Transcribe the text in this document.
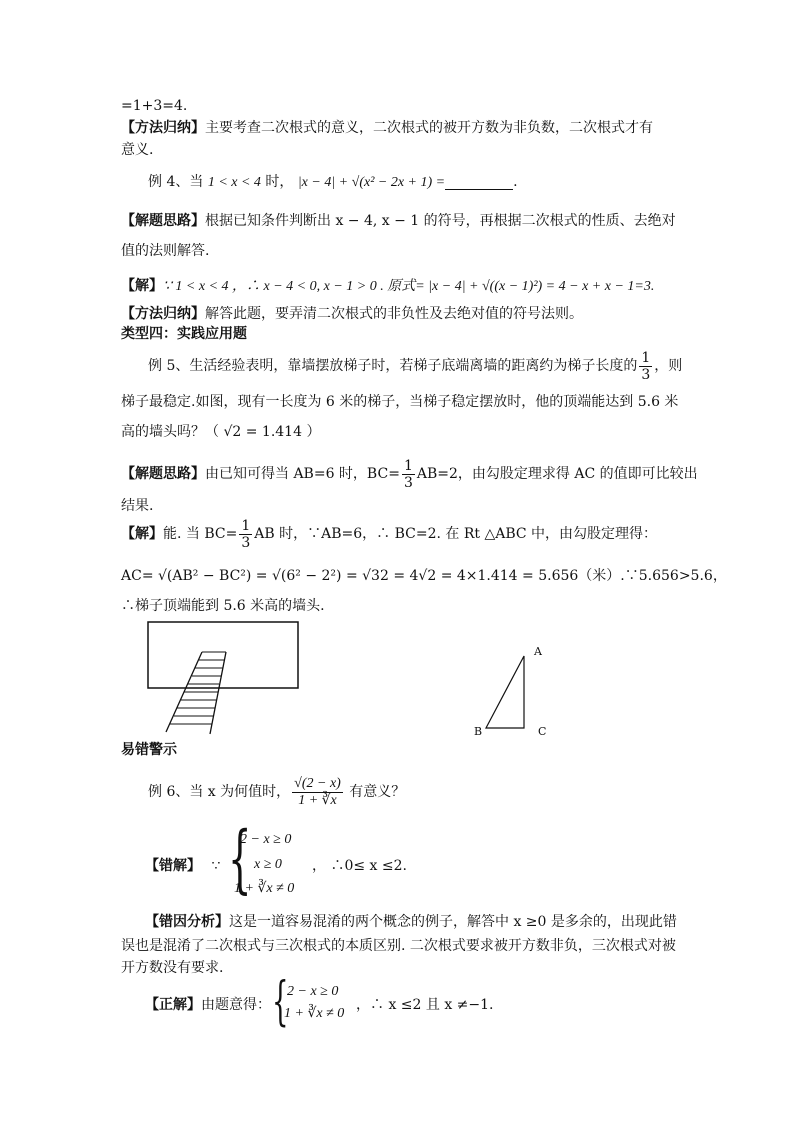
=1+3=4.
【方法归纳】主要考查二次根式的意义，二次根式的被开方数为非负数，二次根式才有
意义.
例 4、当 1 < x < 4 时， |x − 4| + √(x² − 2x + 1) =	.
【解题思路】根据已知条件判断出 x − 4, x − 1 的符号，再根据二次根式的性质、去绝对
值的法则解答.
【解】∵ 1 < x < 4 ，∴ x − 4 < 0, x − 1 > 0 . 原式= |x − 4| + √((x − 1)²) = 4 − x + x − 1=3.
【方法归纳】解答此题，要弄清二次根式的非负性及去绝对值的符号法则。
类型四：实践应用题
例 5、生活经验表明，靠墙摆放梯子时，若梯子底端离墙的距离约为梯子长度的 $\frac{1}{3}$ ，则
梯子最稳定.如图，现有一长度为 6 米的梯子，当梯子稳定摆放时，他的顶端能达到 5.6 米
高的墙头吗？（ √2 = 1.414 ）
【解题思路】由已知可得当 AB=6 时，$BC= \frac{1}{3} AB=2$，由勾股定理求得 AC 的值即可比较出
结果.
【解】能. 当 $BC= \frac{1}{3}$ AB 时，∵AB=6，∴ BC=2. 在 Rt △ABC 中，由勾股定理得：
AC= √(AB² − BC²) = √(6² − 2²) = √32 = 4√2 = 4×1.414 = 5.656（米）.∵5.656>5.6，
∴梯子顶端能到 5.6 米高的墙头.
A
B	C
易错警示
例 6、当 x 为何值时， $\frac{√(2 - x)}{1 + ∛x}$ 有意义？
【错解】 ∵ {
2 − x ≥ 0
x ≥ 0
1 + ∛x ≠ 0
， ∴0≤ x ≤2.
【错因分析】这是一道容易混淆的两个概念的例子，解答中 x ≥0 是多余的，出现此错
误也是混淆了二次根式与三次根式的本质区别. 二次根式要求被开方数非负，三次根式对被
开方数没有要求.
【正解】由题意得： {
2 − x ≥ 0
1 + ∛x ≠ 0
，∴ x ≤2 且 x ≠−1.
